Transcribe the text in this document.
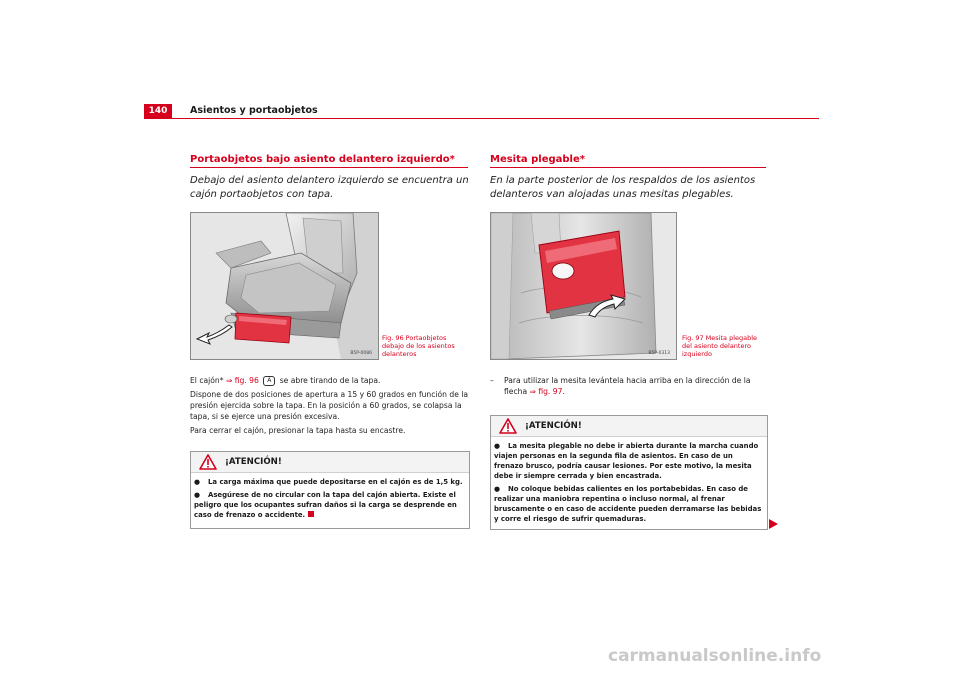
140	Asientos y portaobjetos
Portaobjetos bajo asiento delantero izquierdo*
Debajo del asiento delantero izquierdo se encuentra un cajón portaobjetos con tapa.
B5P-0086
Fig. 96 Portaobjetos
debajo de los asientos
delanteros

El cajón* ⇒ fig. 96 A se abre tirando de la tapa.

Dispone de dos posiciones de apertura a 15 y 60 grados en función de la presión ejercida sobre la tapa. En la posición a 60 grados, se colapsa la tapa, si se ejerce una presión excesiva.

Para cerrar el cajón, presionar la tapa hasta su encastre.

¡ATENCIÓN!
● La carga máxima que puede depositarse en el cajón es de 1,5 kg.
● Asegúrese de no circular con la tapa del cajón abierta. Existe el peligro que los ocupantes sufran daños si la carga se desprende en caso de frenazo o accidente.
Mesita plegable*
En la parte posterior de los respaldos de los asientos delanteros van alojadas unas mesitas plegables.
B5P-0313
Fig. 97 Mesita plegable
del asiento delantero
izquierdo
–	Para utilizar la mesita levántela hacia arriba en la dirección de la flecha ⇒ fig. 97.
¡ATENCIÓN!
● La mesita plegable no debe ir abierta durante la marcha cuando viajen personas en la segunda fila de asientos. En caso de un frenazo brusco, podría causar lesiones. Por este motivo, la mesita debe ir siempre cerrada y bien encastrada.
● No coloque bebidas calientes en los portabebidas. En caso de realizar una maniobra repentina o incluso normal, al frenar bruscamente o en caso de accidente pueden derramarse las bebidas y corre el riesgo de sufrir quemaduras.
carmanualsonline.info
